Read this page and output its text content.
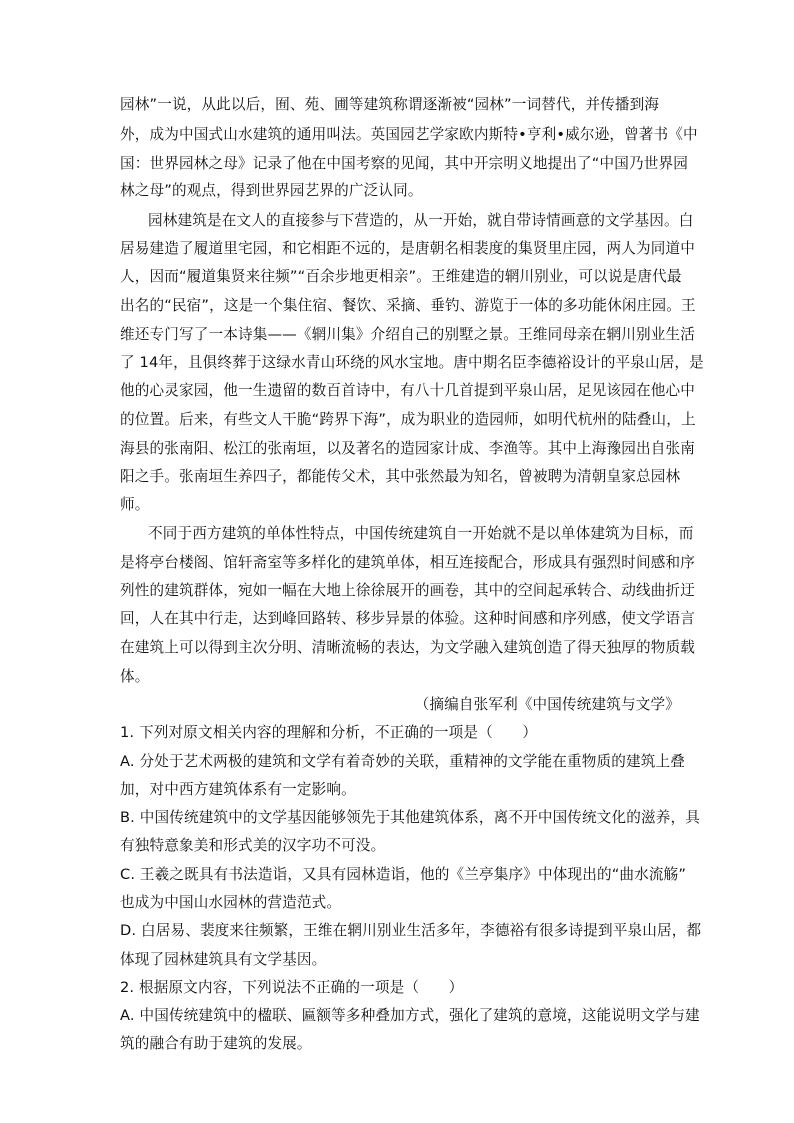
园林”一说，从此以后，囿、苑、圃等建筑称谓逐渐被“园林”一词替代，并传播到海
外，成为中国式山水建筑的通用叫法。英国园艺学家欧内斯特•亨利•威尔逊，曾著书《中
国：世界园林之母》记录了他在中国考察的见闻，其中开宗明义地提出了“中国乃世界园
林之母”的观点，得到世界园艺界的广泛认同。
园林建筑是在文人的直接参与下营造的，从一开始，就自带诗情画意的文学基因。白
居易建造了履道里宅园，和它相距不远的，是唐朝名相裴度的集贤里庄园，两人为同道中
人，因而“履道集贤来往频”“百余步地更相亲”。王维建造的辋川别业，可以说是唐代最
出名的“民宿”，这是一个集住宿、餐饮、采摘、垂钓、游览于一体的多功能休闲庄园。王
维还专门写了一本诗集——《辋川集》介绍自己的别墅之景。王维同母亲在辋川别业生活
了 14年，且俱终葬于这绿水青山环绕的风水宝地。唐中期名臣李德裕设计的平泉山居，是
他的心灵家园，他一生遗留的数百首诗中，有八十几首提到平泉山居，足见该园在他心中
的位置。后来，有些文人干脆“跨界下海”，成为职业的造园师，如明代杭州的陆叠山，上
海县的张南阳、松江的张南垣，以及著名的造园家计成、李渔等。其中上海豫园出自张南
阳之手。张南垣生养四子，都能传父术，其中张然最为知名，曾被聘为清朝皇家总园林
师。
不同于西方建筑的单体性特点，中国传统建筑自一开始就不是以单体建筑为目标，而
是将亭台楼阁、馆轩斋室等多样化的建筑单体，相互连接配合，形成具有强烈时间感和序
列性的建筑群体，宛如一幅在大地上徐徐展开的画卷，其中的空间起承转合、动线曲折迂
回，人在其中行走，达到峰回路转、移步异景的体验。这种时间感和序列感，使文学语言
在建筑上可以得到主次分明、清晰流畅的表达，为文学融入建筑创造了得天独厚的物质载
体。
（摘编自张军利《中国传统建筑与文学》
1. 下列对原文相关内容的理解和分析，不正确的一项是（　　）
A. 分处于艺术两极的建筑和文学有着奇妙的关联，重精神的文学能在重物质的建筑上叠
加，对中西方建筑体系有一定影响。
B. 中国传统建筑中的文学基因能够领先于其他建筑体系，离不开中国传统文化的滋养，具
有独特意象美和形式美的汉字功不可没。
C. 王羲之既具有书法造诣，又具有园林造诣，他的《兰亭集序》中体现出的“曲水流觞”
也成为中国山水园林的营造范式。
D. 白居易、裴度来往频繁，王维在辋川别业生活多年，李德裕有很多诗提到平泉山居，都
体现了园林建筑具有文学基因。
2. 根据原文内容，下列说法不正确的一项是（　　）
A. 中国传统建筑中的楹联、匾额等多种叠加方式，强化了建筑的意境，这能说明文学与建
筑的融合有助于建筑的发展。
